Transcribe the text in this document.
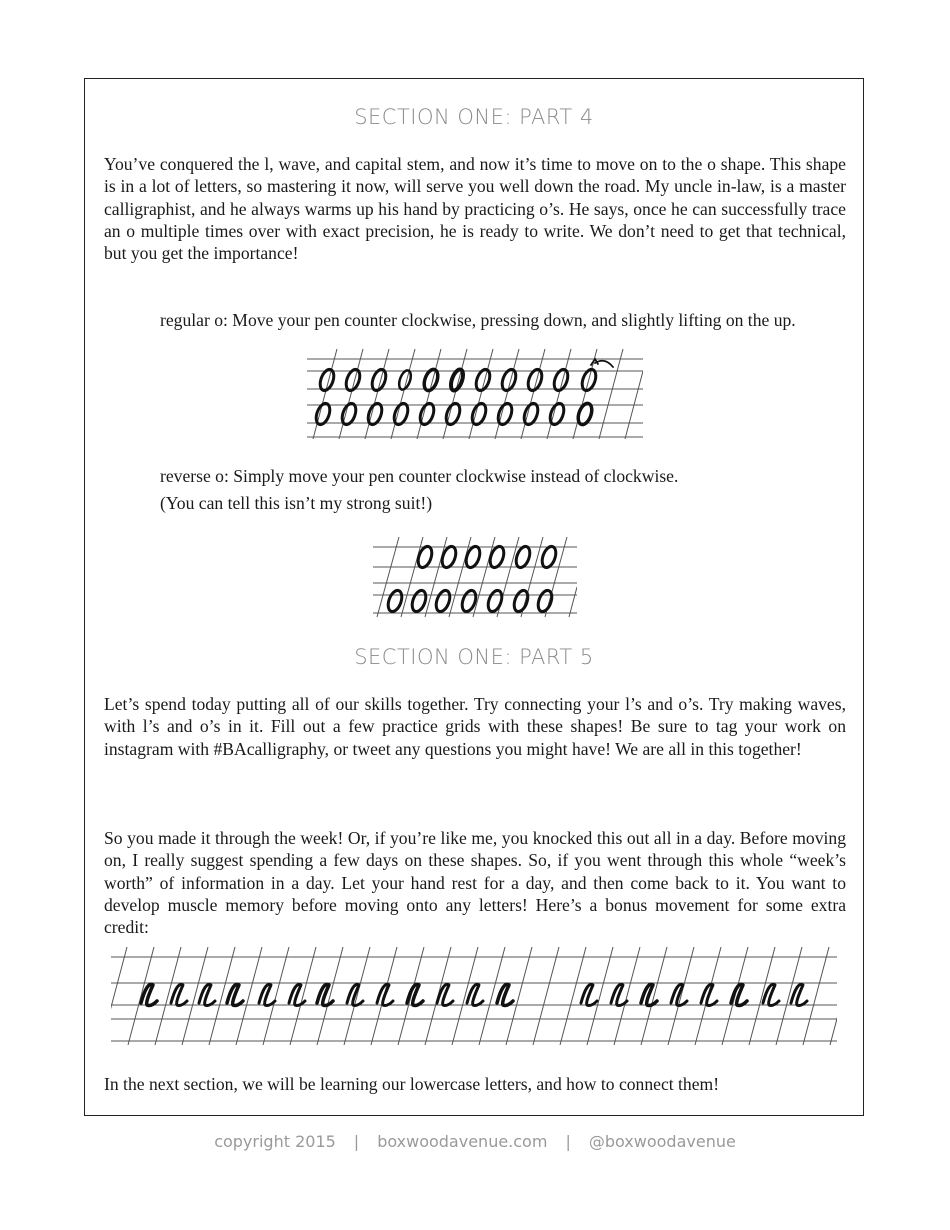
SECTION ONE: PART 4

You’ve conquered the l, wave, and capital stem, and now it’s time to move on to the o shape. This shape is in a lot of letters, so mastering it now, will serve you well down the road. My uncle in-law, is a master calligraphist, and he always warms up his hand by practicing o’s. He says, once he can successfully trace an o multiple times over with exact precision, he is ready to write. We don’t need to get that technical, but you get the importance!

regular o: Move your pen counter clockwise, pressing down, and slightly lifting on the up.

reverse o: Simply move your pen counter clockwise instead of clockwise.

(You can tell this isn’t my strong suit!)

SECTION ONE: PART 5

Let’s spend today putting all of our skills together. Try connecting your l’s and o’s. Try making waves, with l’s and o’s in it. Fill out a few practice grids with these shapes! Be sure to tag your work on instagram with #BAcalligraphy, or tweet any questions you might have! We are all in this together!

So you made it through the week! Or, if you’re like me, you knocked this out all in a day. Before moving on, I really suggest spending a few days on these shapes. So, if you went through this whole “week’s worth” of information in a day. Let your hand rest for a day, and then come back to it. You want to develop muscle memory before moving onto any letters! Here’s a bonus movement for some extra credit:

In the next section, we will be learning our lowercase letters, and how to connect them!

copyright 2015 | boxwoodavenue.com | @boxwoodavenue
